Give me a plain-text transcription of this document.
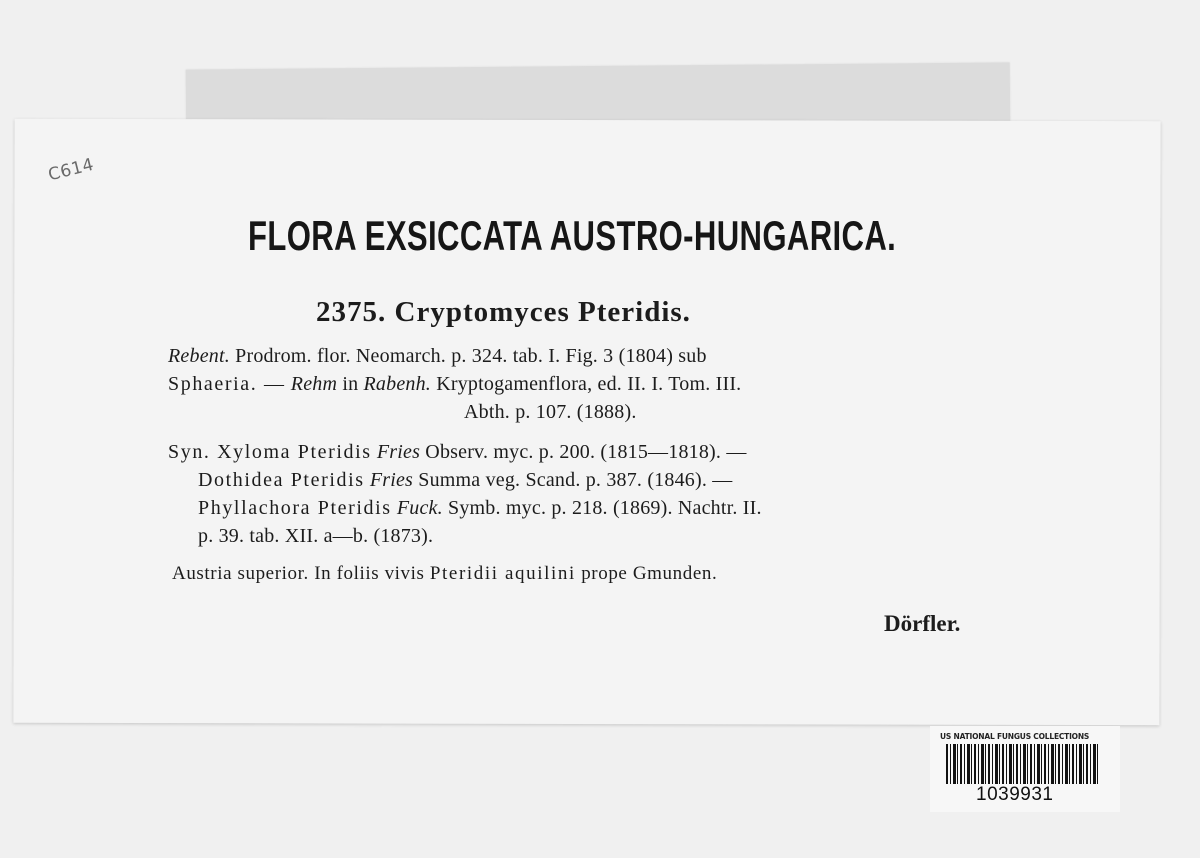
C614
FLORA EXSICCATA AUSTRO-HUNGARICA.
2375. Cryptomyces Pteridis.
Rebent. Prodrom. flor. Neomarch. p. 324. tab. I. Fig. 3 (1804) sub
Sphaeria. — Rehm in Rabenh. Kryptogamenflora, ed. II. I. Tom. III.
Abth. p. 107. (1888).
Syn. Xyloma Pteridis Fries Observ. myc. p. 200. (1815—1818). —
Dothidea Pteridis Fries Summa veg. Scand. p. 387. (1846). —
Phyllachora Pteridis Fuck. Symb. myc. p. 218. (1869). Nachtr. II.
p. 39. tab. XII. a—b. (1873).
Austria superior. In foliis vivis Pteridii aquilini prope Gmunden.
Dörfler.
US NATIONAL FUNGUS COLLECTIONS
1039931
